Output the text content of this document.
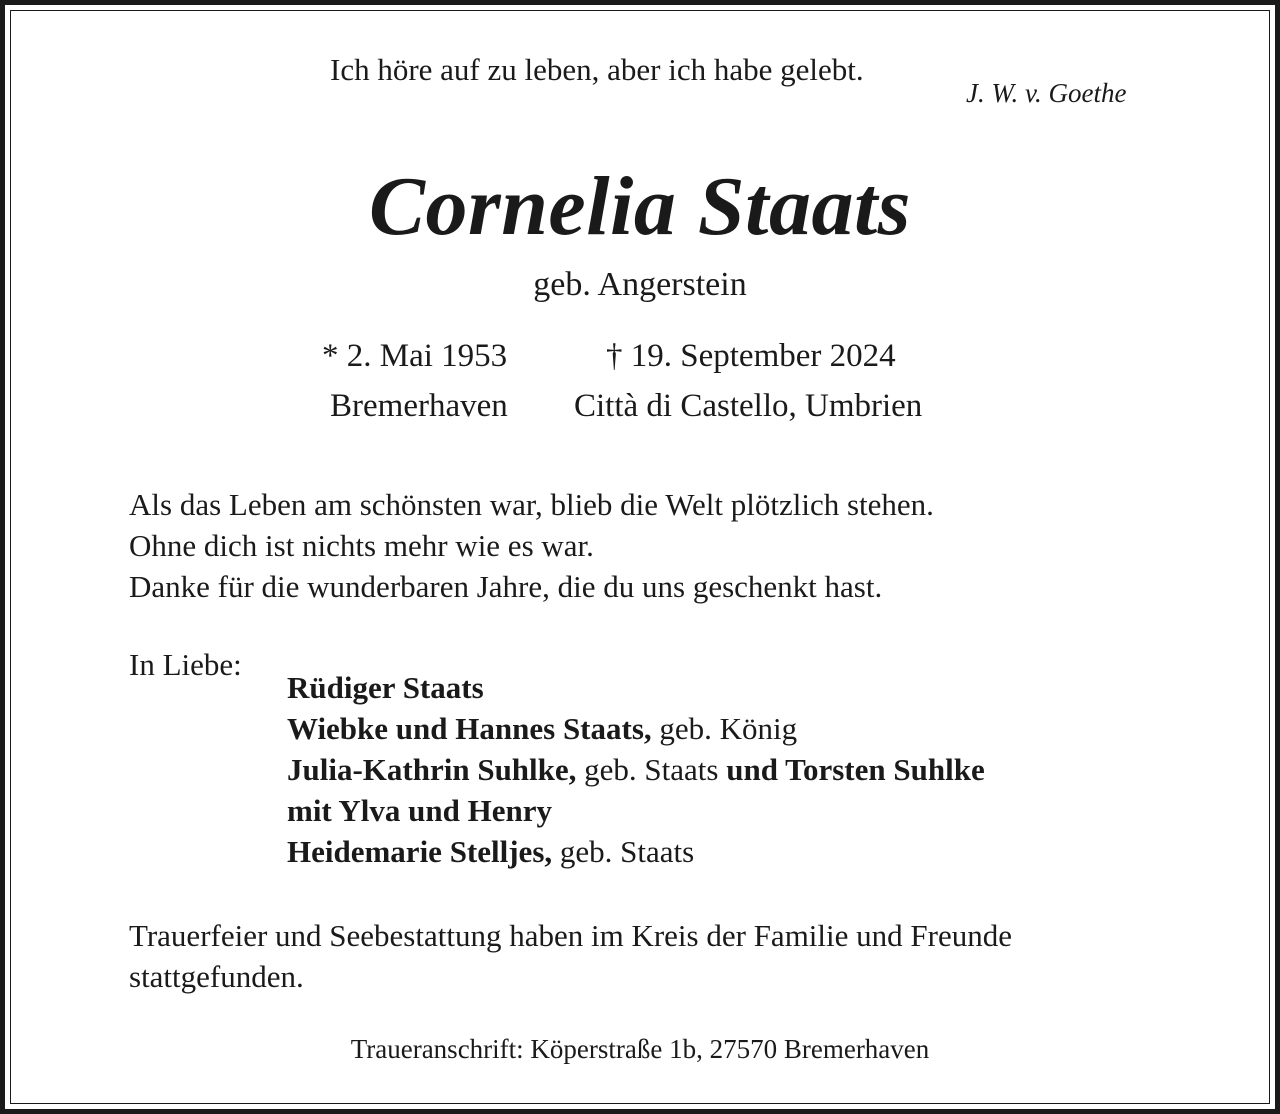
Ich höre auf zu leben, aber ich habe gelebt.
J. W. v. Goethe
Cornelia Staats
geb. Angerstein
* 2. Mai 1953	† 19. September 2024
Bremerhaven Città di Castello, Umbrien
Als das Leben am schönsten war, blieb die Welt plötzlich stehen.
Ohne dich ist nichts mehr wie es war.
Danke für die wunderbaren Jahre, die du uns geschenkt hast.
In Liebe:
Rüdiger Staats
Wiebke und Hannes Staats, geb. König
Julia-Kathrin Suhlke, geb. Staats und Torsten Suhlke
mit Ylva und Henry
Heidemarie Stelljes, geb. Staats
Trauerfeier und Seebestattung haben im Kreis der Familie und Freunde
stattgefunden.
Traueranschrift: Köperstraße 1b, 27570 Bremerhaven
